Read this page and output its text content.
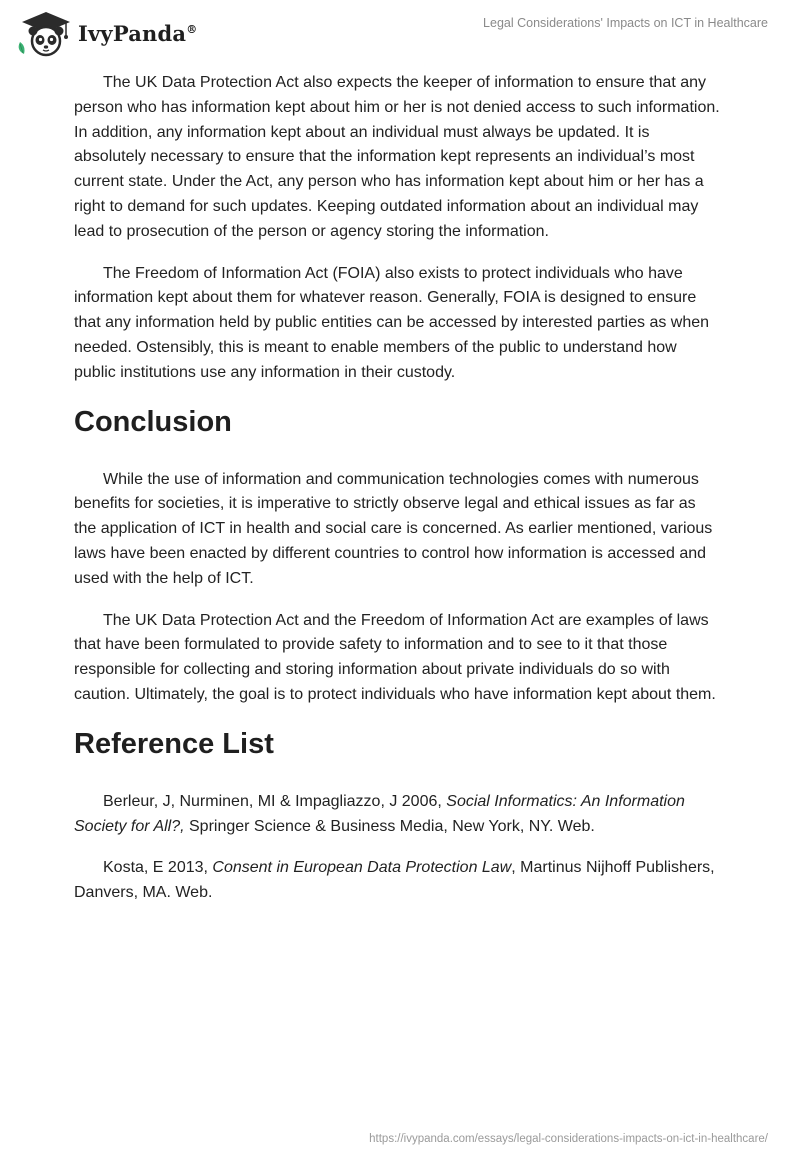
IvyPanda®	Legal Considerations' Impacts on ICT in Healthcare

The UK Data Protection Act also expects the keeper of information to ensure that any person who has information kept about him or her is not denied access to such information. In addition, any information kept about an individual must always be updated. It is absolutely necessary to ensure that the information kept represents an individual’s most current state. Under the Act, any person who has information kept about him or her has a right to demand for such updates. Keeping outdated information about an individual may lead to prosecution of the person or agency storing the information.

The Freedom of Information Act (FOIA) also exists to protect individuals who have information kept about them for whatever reason. Generally, FOIA is designed to ensure that any information held by public entities can be accessed by interested parties as when needed. Ostensibly, this is meant to enable members of the public to understand how public institutions use any information in their custody.

Conclusion

While the use of information and communication technologies comes with numerous benefits for societies, it is imperative to strictly observe legal and ethical issues as far as the application of ICT in health and social care is concerned. As earlier mentioned, various laws have been enacted by different countries to control how information is accessed and used with the help of ICT.

The UK Data Protection Act and the Freedom of Information Act are examples of laws that have been formulated to provide safety to information and to see to it that those responsible for collecting and storing information about private individuals do so with caution. Ultimately, the goal is to protect individuals who have information kept about them.

Reference List

Berleur, J, Nurminen, MI & Impagliazzo, J 2006, Social Informatics: An Information Society for All?, Springer Science & Business Media, New York, NY. Web.

Kosta, E 2013, Consent in European Data Protection Law, Martinus Nijhoff Publishers, Danvers, MA. Web.

https://ivypanda.com/essays/legal-considerations-impacts-on-ict-in-healthcare/
